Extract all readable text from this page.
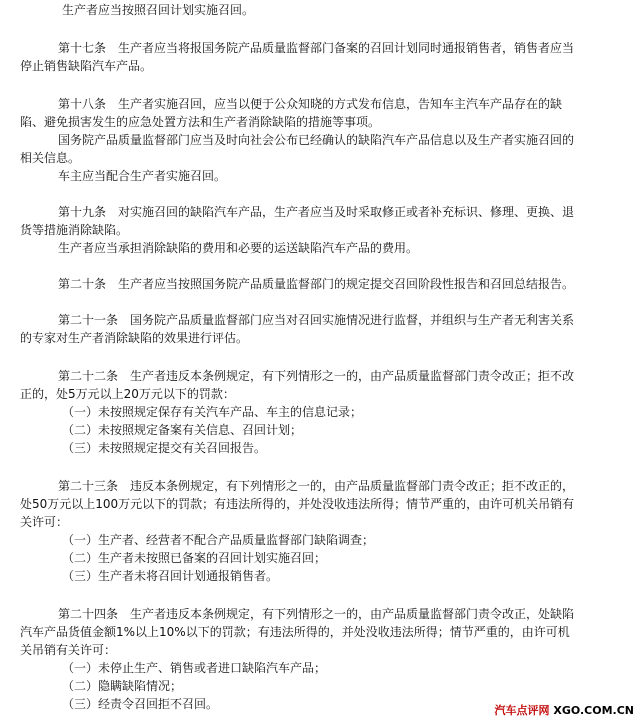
生产者应当按照召回计划实施召回。
第十七条　生产者应当将报国务院产品质量监督部门备案的召回计划同时通报销售者，销售者应当
停止销售缺陷汽车产品。
第十八条　生产者实施召回，应当以便于公众知晓的方式发布信息，告知车主汽车产品存在的缺
陷、避免损害发生的应急处置方法和生产者消除缺陷的措施等事项。
国务院产品质量监督部门应当及时向社会公布已经确认的缺陷汽车产品信息以及生产者实施召回的
相关信息。
车主应当配合生产者实施召回。
第十九条　对实施召回的缺陷汽车产品，生产者应当及时采取修正或者补充标识、修理、更换、退
货等措施消除缺陷。
生产者应当承担消除缺陷的费用和必要的运送缺陷汽车产品的费用。
第二十条　生产者应当按照国务院产品质量监督部门的规定提交召回阶段性报告和召回总结报告。
第二十一条　国务院产品质量监督部门应当对召回实施情况进行监督，并组织与生产者无利害关系
的专家对生产者消除缺陷的效果进行评估。
第二十二条　生产者违反本条例规定，有下列情形之一的，由产品质量监督部门责令改正；拒不改
正的，处5万元以上20万元以下的罚款：
（一）未按照规定保存有关汽车产品、车主的信息记录；
（二）未按照规定备案有关信息、召回计划；
（三）未按照规定提交有关召回报告。
第二十三条　违反本条例规定，有下列情形之一的，由产品质量监督部门责令改正；拒不改正的，
处50万元以上100万元以下的罚款；有违法所得的，并处没收违法所得；情节严重的，由许可机关吊销有
关许可：
（一）生产者、经营者不配合产品质量监督部门缺陷调查；
（二）生产者未按照已备案的召回计划实施召回；
（三）生产者未将召回计划通报销售者。
第二十四条　生产者违反本条例规定，有下列情形之一的，由产品质量监督部门责令改正，处缺陷
汽车产品货值金额1%以上10%以下的罚款；有违法所得的，并处没收违法所得；情节严重的，由许可机
关吊销有关许可：
（一）未停止生产、销售或者进口缺陷汽车产品；
（二）隐瞒缺陷情况；
（三）经责令召回拒不召回。	汽车点评网 XGO.COM.CN
